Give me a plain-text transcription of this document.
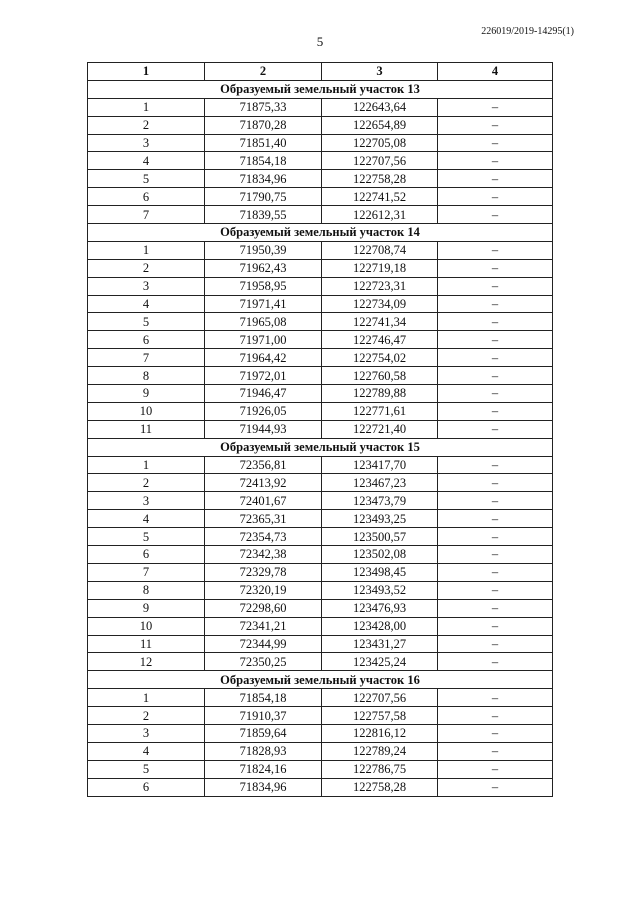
5
226019/2019-14295(1)
1	2	3	4
Образуемый земельный участок 13			
1	71875,33	122643,64	–
2	71870,28	122654,89	–
3	71851,40	122705,08	–
4	71854,18	122707,56	–
5	71834,96	122758,28	–
6	71790,75	122741,52	–
7	71839,55	122612,31	–
Образуемый земельный участок 14			
1	71950,39	122708,74	–
2	71962,43	122719,18	–
3	71958,95	122723,31	–
4	71971,41	122734,09	–
5	71965,08	122741,34	–
6	71971,00	122746,47	–
7	71964,42	122754,02	–
8	71972,01	122760,58	–
9	71946,47	122789,88	–
10	71926,05	122771,61	–
11	71944,93	122721,40	–
Образуемый земельный участок 15			
1	72356,81	123417,70	–
2	72413,92	123467,23	–
3	72401,67	123473,79	–
4	72365,31	123493,25	–
5	72354,73	123500,57	–
6	72342,38	123502,08	–
7	72329,78	123498,45	–
8	72320,19	123493,52	–
9	72298,60	123476,93	–
10	72341,21	123428,00	–
11	72344,99	123431,27	–
12	72350,25	123425,24	–
Образуемый земельный участок 16			
1	71854,18	122707,56	–
2	71910,37	122757,58	–
3	71859,64	122816,12	–
4	71828,93	122789,24	–
5	71824,16	122786,75	–
6	71834,96	122758,28	–
